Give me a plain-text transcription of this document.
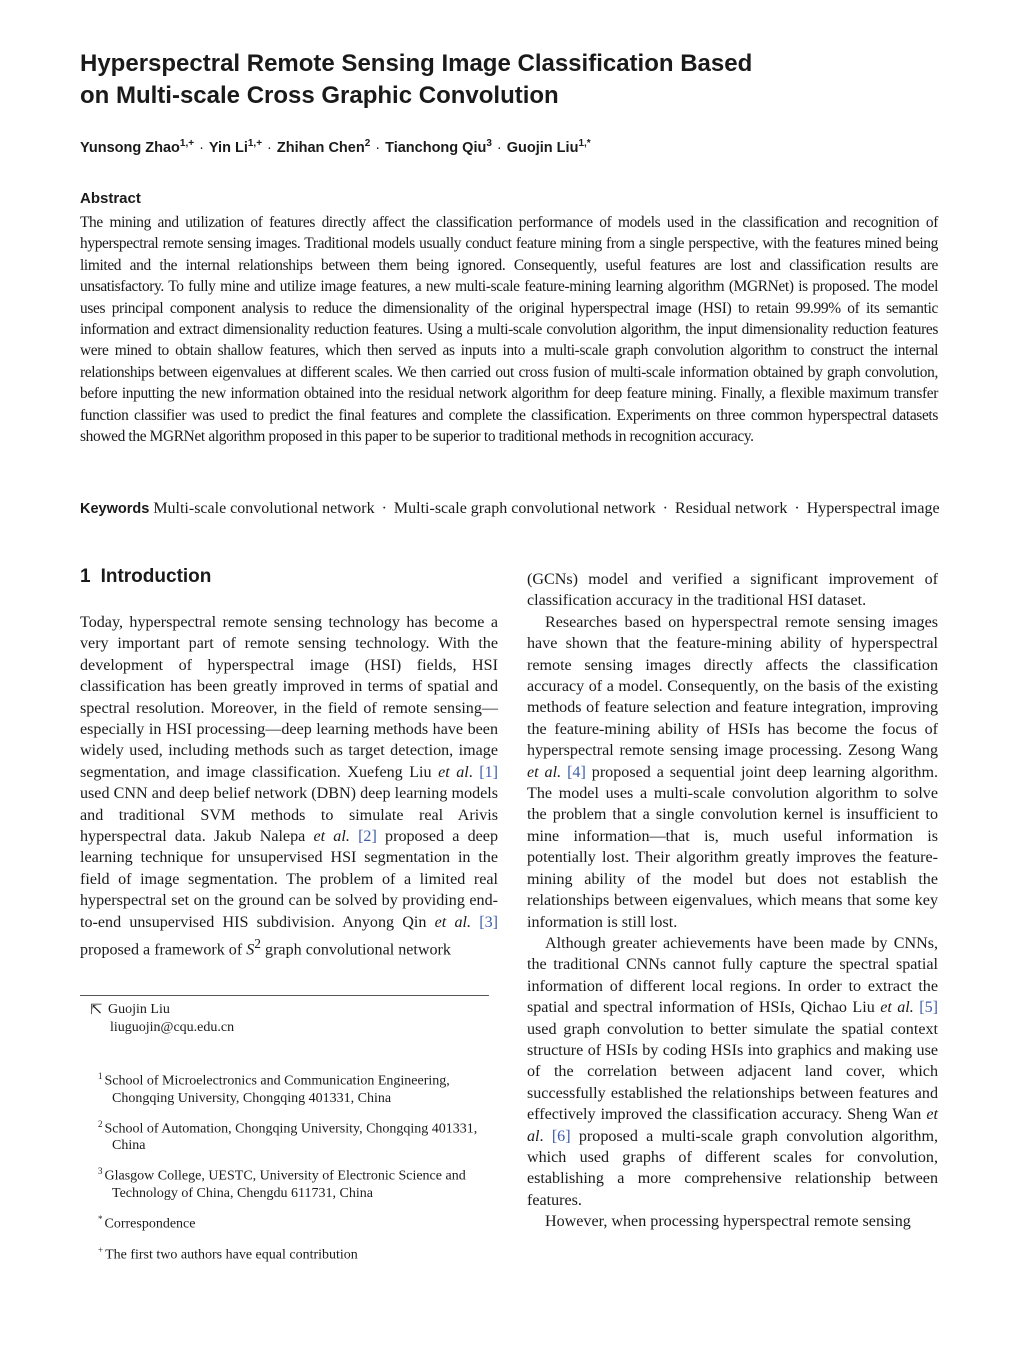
Hyperspectral Remote Sensing Image Classification Based
on Multi-scale Cross Graphic Convolution
Yunsong Zhao$^{1,+}$ · Yin $Li^{1,+}$ · Zhihan Chen$^2$ · Tianchong Qiu$^3$ · Guojin Liu$^{1,*}$
Abstract

The mining and utilization of features directly affect the classification performance of models used in the classification and recognition of hyperspectral remote sensing images. Traditional models usually conduct feature mining from a single perspective, with the features mined being limited and the internal relationships between them being ignored. Consequently, useful features are lost and classification results are unsatisfactory. To fully mine and utilize image features, a new multi-scale feature-mining learning algorithm (MGRNet) is proposed. The model uses principal component analysis to reduce the dimensionality of the original hyperspectral image (HSI) to retain 99.99% of its semantic information and extract dimensionality reduction features. Using a multi-scale convolution algorithm, the input dimensionality reduction features were mined to obtain shallow features, which then served as inputs into a multi-scale graph convolution algorithm to construct the internal relationships between eigenvalues at different scales. We then carried out cross fusion of multi-scale information obtained by graph convolution, before inputting the new information obtained into the residual network algorithm for deep feature mining. Finally, a flexible maximum transfer function classifier was used to predict the final features and complete the classification. Experiments on three common hyperspectral datasets showed the MGRNet algorithm proposed in this paper to be superior to traditional methods in recognition accuracy.

Keywords Multi-scale convolutional network · Multi-scale graph convolutional network · Residual network · Hyperspectral image

1 Introduction

Today, hyperspectral remote sensing technology has become a very important part of remote sensing technology. With the development of hyperspectral image (HSI) fields, HSI classification has been greatly improved in terms of spatial and spectral resolution. Moreover, in the field of remote sensing—especially in HSI processing—deep learning methods have been widely used, including methods such as target detection, image segmentation, and image classification. Xuefeng Liu et al. [1] used CNN and deep belief network (DBN) deep learning models and traditional SVM methods to simulate real Arivis hyperspectral data. Jakub Nalepa et al. [2] proposed a deep learning technique for unsupervised HSI segmentation in the field of image segmentation. The problem of a limited real hyperspectral set on the ground can be solved by providing end-to-end unsupervised HIS subdivision. Anyong Qin et al. [3] proposed a framework of $S^2$ graph convolutional network

(GCNs) model and verified a significant improvement of classification accuracy in the traditional HSI dataset.

Researches based on hyperspectral remote sensing images have shown that the feature-mining ability of hyperspectral remote sensing images directly affects the classification accuracy of a model. Consequently, on the basis of the existing methods of feature selection and feature integration, improving the feature-mining ability of HSIs has become the focus of hyperspectral remote sensing image processing. Zesong Wang et al. [4] proposed a sequential joint deep learning algorithm. The model uses a multi-scale convolution algorithm to solve the problem that a single convolution kernel is insufficient to mine information—that is, much useful information is potentially lost. Their algorithm greatly improves the feature-mining ability of the model but does not establish the relationships between eigenvalues, which means that some key information is still lost.

Although greater achievements have been made by CNNs, the traditional CNNs cannot fully capture the spectral spatial information of different local regions. In order to extract the spatial and spectral information of HSIs, Qichao Liu et al. [5] used graph convolution to better simulate the spatial context structure of HSIs by coding HSIs into graphics and making use of the correlation between adjacent land cover, which successfully established the relationships between features and effectively improved the classification accuracy. Sheng Wan et al. [6] proposed a multi-scale graph convolution algorithm, which used graphs of different scales for convolution, establishing a more comprehensive relationship between features.

However, when processing hyperspectral remote sensing

⇱ Guojin Liu
liuguojin@cqu.edu.cn

$^1$ School of Microelectronics and Communication Engineering, Chongqing University, Chongqing 401331, China

$^2$ School of Automation, Chongqing University, Chongqing 401331, China

$^3$ Glasgow College, UESTC, University of Electronic Science and Technology of China, Chengdu 611731, China

* Correspondence

+ The first two authors have equal contribution
